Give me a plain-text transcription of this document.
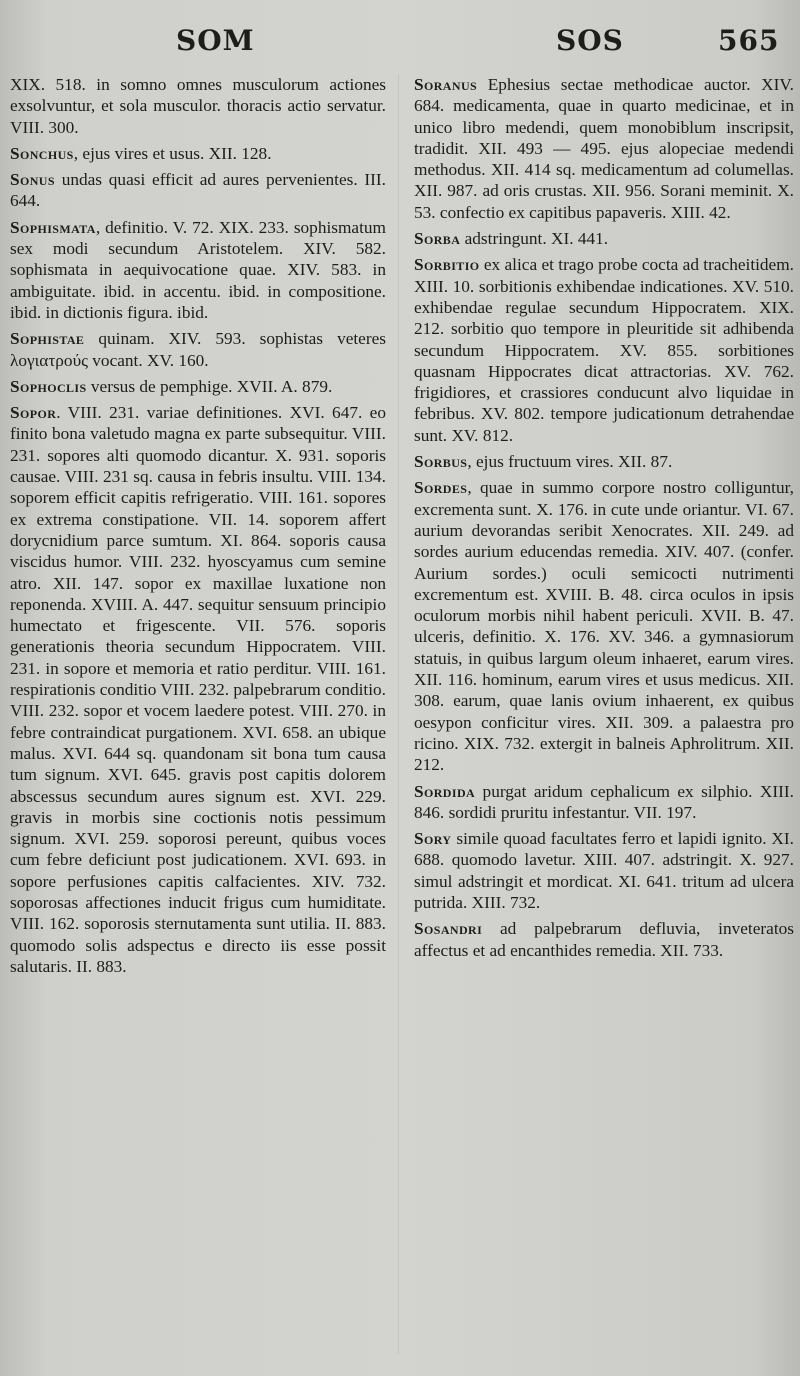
SOM	SOS	565

XIX. 518. in somno omnes musculorum actiones exsolvuntur, et sola musculor. thoracis actio servatur. VIII. 300.

Sonchus, ejus vires et usus. XII. 128.

Sonus undas quasi efficit ad aures pervenientes. III. 644.

Sophismata, definitio. V. 72. XIX. 233. sophismatum sex modi secundum Aristotelem. XIV. 582. sophismata in aequivocatione quae. XIV. 583. in ambiguitate. ibid. in accentu. ibid. in compositione. ibid. in dictionis figura. ibid.

Sophistae quinam. XIV. 593. sophistas veteres λογιατρούς vocant. XV. 160.

Sophoclis versus de pemphige. XVII. A. 879.

Sopor. VIII. 231. variae definitiones. XVI. 647. eo finito bona valetudo magna ex parte subsequitur. VIII. 231. sopores alti quomodo dicantur. X. 931. soporis causae. VIII. 231 sq. causa in febris insultu. VIII. 134. soporem efficit capitis refrigeratio. VIII. 161. sopores ex extrema constipatione. VII. 14. soporem affert dorycnidium parce sumtum. XI. 864. soporis causa viscidus humor. VIII. 232. hyoscyamus cum semine atro. XII. 147. sopor ex maxillae luxatione non reponenda. XVIII. A. 447. sequitur sensuum principio humectato et frigescente. VII. 576. soporis generationis theoria secundum Hippocratem. VIII. 231. in sopore et memoria et ratio perditur. VIII. 161. respirationis conditio VIII. 232. palpebrarum conditio. VIII. 232. sopor et vocem laedere potest. VIII. 270. in febre contraindicat purgationem. XVI. 658. an ubique malus. XVI. 644 sq. quandonam sit bona tum causa tum signum. XVI. 645. gravis post capitis dolorem abscessus secundum aures signum est. XVI. 229. gravis in morbis sine coctionis notis pessimum signum. XVI. 259. soporosi pereunt, quibus voces cum febre deficiunt post judicationem. XVI. 693. in sopore perfusiones capitis calfacientes. XIV. 732. soporosas affectiones inducit frigus cum humiditate. VIII. 162. soporosis sternutamenta sunt utilia. II. 883. quomodo solis adspectus e directo iis esse possit salutaris. II. 883.

Soranus Ephesius sectae methodicae auctor. XIV. 684. medicamenta, quae in quarto medicinae, et in unico libro medendi, quem monobiblum inscripsit, tradidit. XII. 493 — 495. ejus alopeciae medendi methodus. XII. 414 sq. medicamentum ad columellas. XII. 987. ad oris crustas. XII. 956. Sorani meminit. X. 53. confectio ex capitibus papaveris. XIII. 42.

Sorba adstringunt. XI. 441.

Sorbitio ex alica et trago probe cocta ad tracheitidem. XIII. 10. sorbitionis exhibendae indicationes. XV. 510. exhibendae regulae secundum Hippocratem. XIX. 212. sorbitio quo tempore in pleuritide sit adhibenda secundum Hippocratem. XV. 855. sorbitiones quasnam Hippocrates dicat attractorias. XV. 762. frigidiores, et crassiores conducunt alvo liquidae in febribus. XV. 802. tempore judicationum detrahendae sunt. XV. 812.

Sorbus, ejus fructuum vires. XII. 87.

Sordes, quae in summo corpore nostro colliguntur, excrementa sunt. X. 176. in cute unde oriantur. VI. 67. aurium devorandas seribit Xenocrates. XII. 249. ad sordes aurium educendas remedia. XIV. 407. (confer. Aurium sordes.) oculi semicocti nutrimenti excrementum est. XVIII. B. 48. circa oculos in ipsis oculorum morbis nihil habent periculi. XVII. B. 47. ulceris, definitio. X. 176. XV. 346. a gymnasiorum statuis, in quibus largum oleum inhaeret, earum vires. XII. 116. hominum, earum vires et usus medicus. XII. 308. earum, quae lanis ovium inhaerent, ex quibus oesypon conficitur vires. XII. 309. a palaestra pro ricino. XIX. 732. extergit in balneis Aphrolitrum. XII. 212.

Sordida purgat aridum cephalicum ex silphio. XIII. 846. sordidi pruritu infestantur. VII. 197.

Sory simile quoad facultates ferro et lapidi ignito. XI. 688. quomodo lavetur. XIII. 407. adstringit. X. 927. simul adstringit et mordicat. XI. 641. tritum ad ulcera putrida. XIII. 732.

Sosandri ad palpebrarum defluvia, inveteratos affectus et ad encanthides remedia. XII. 733.
